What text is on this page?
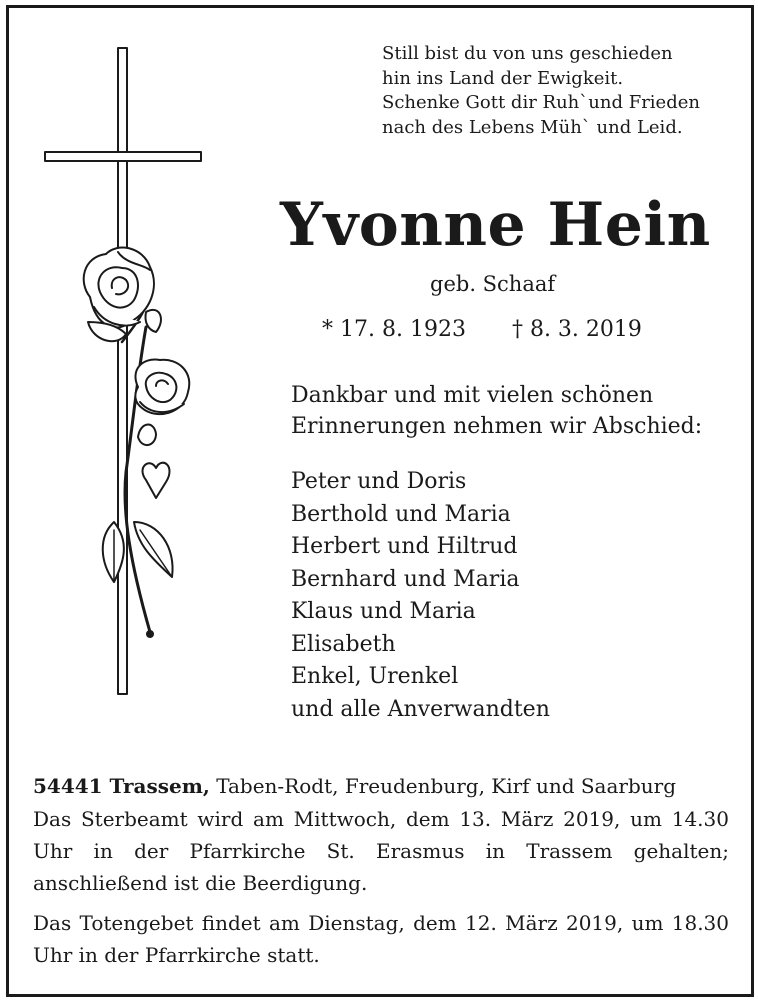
Still bist du von uns geschieden
hin ins Land der Ewigkeit.
Schenke Gott dir Ruh`und Frieden
nach des Lebens Müh` und Leid.
Yvonne Hein
geb. Schaaf
* 17. 8. 1923 † 8. 3. 2019
Dankbar und mit vielen schönen
Erinnerungen nehmen wir Abschied:
Peter und Doris
Berthold und Maria
Herbert und Hiltrud
Bernhard und Maria
Klaus und Maria
Elisabeth
Enkel, Urenkel
und alle Anverwandten

54441 Trassem, Taben-Rodt, Freudenburg, Kirf und Saarburg

Das Sterbeamt wird am Mittwoch, dem 13. März 2019, um 14.30 Uhr in der Pfarrkirche St. Erasmus in Trassem gehalten; anschließend ist die Beerdigung.

Das Totengebet findet am Dienstag, dem 12. März 2019, um 18.30 Uhr in der Pfarrkirche statt.
